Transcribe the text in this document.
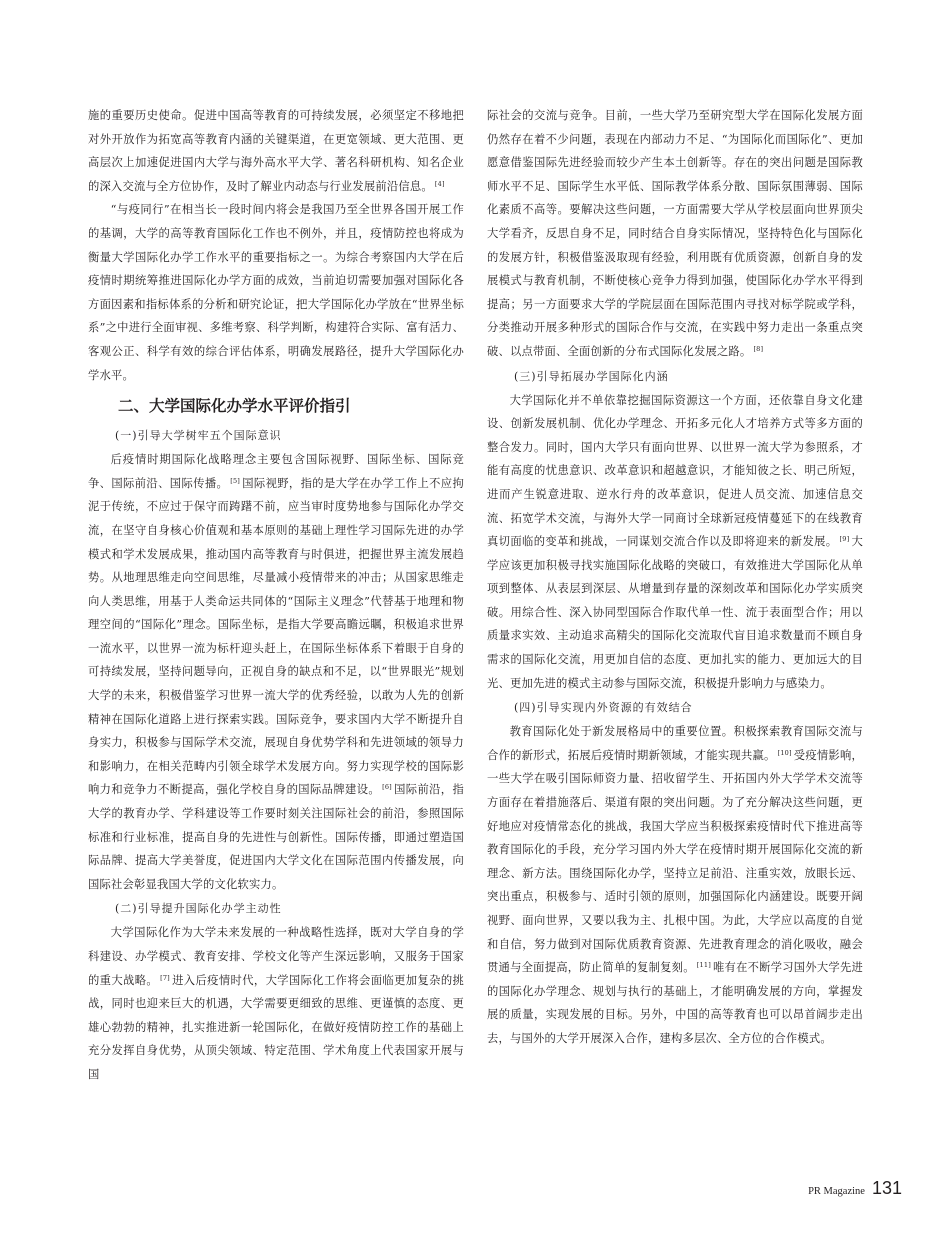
施的重要历史使命。促进中国高等教育的可持续发展，必须坚定不移地把对外开放作为拓宽高等教育内涵的关键渠道，在更宽领域、更大范围、更高层次上加速促进国内大学与海外高水平大学、著名科研机构、知名企业的深入交流与全方位协作，及时了解业内动态与行业发展前沿信息。 [4]

“与疫同行”在相当长一段时间内将会是我国乃至全世界各国开展工作的基调，大学的高等教育国际化工作也不例外，并且，疫情防控也将成为衡量大学国际化办学工作水平的重要指标之一。为综合考察国内大学在后疫情时期统筹推进国际化办学方面的成效，当前迫切需要加强对国际化各方面因素和指标体系的分析和研究论证，把大学国际化办学放在“世界坐标系”之中进行全面审视、多维考察、科学判断，构建符合实际、富有活力、客观公正、科学有效的综合评估体系，明确发展路径，提升大学国际化办学水平。

二、大学国际化办学水平评价指引
(一)引导大学树牢五个国际意识

后疫情时期国际化战略理念主要包含国际视野、国际坐标、国际竞争、国际前沿、国际传播。 [5] 国际视野，指的是大学在办学工作上不应拘泥于传统，不应过于保守而踌躇不前，应当审时度势地参与国际化办学交流，在坚守自身核心价值观和基本原则的基础上理性学习国际先进的办学模式和学术发展成果，推动国内高等教育与时俱进，把握世界主流发展趋势。从地理思维走向空间思维，尽量减小疫情带来的冲击；从国家思维走向人类思维，用基于人类命运共同体的“国际主义理念”代替基于地理和物理空间的“国际化”理念。国际坐标，是指大学要高瞻远瞩，积极追求世界一流水平，以世界一流为标杆迎头赶上，在国际坐标体系下着眼于自身的可持续发展，坚持问题导向，正视自身的缺点和不足，以“世界眼光”规划大学的未来，积极借鉴学习世界一流大学的优秀经验，以敢为人先的创新精神在国际化道路上进行探索实践。国际竞争，要求国内大学不断提升自身实力，积极参与国际学术交流，展现自身优势学科和先进领域的领导力和影响力，在相关范畴内引领全球学术发展方向。努力实现学校的国际影响力和竞争力不断提高，强化学校自身的国际品牌建设。 [6] 国际前沿，指大学的教育办学、学科建设等工作要时刻关注国际社会的前沿，参照国际标准和行业标准，提高自身的先进性与创新性。国际传播，即通过塑造国际品牌、提高大学美誉度，促进国内大学文化在国际范围内传播发展，向国际社会彰显我国大学的文化软实力。

(二)引导提升国际化办学主动性

大学国际化作为大学未来发展的一种战略性选择，既对大学自身的学科建设、办学模式、教育安排、学校文化等产生深远影响，又服务于国家的重大战略。 [7] 进入后疫情时代，大学国际化工作将会面临更加复杂的挑战，同时也迎来巨大的机遇，大学需要更细致的思维、更谨慎的态度、更雄心勃勃的精神，扎实推进新一轮国际化，在做好疫情防控工作的基础上充分发挥自身优势，从顶尖领域、特定范围、学术角度上代表国家开展与国

际社会的交流与竞争。目前，一些大学乃至研究型大学在国际化发展方面仍然存在着不少问题，表现在内部动力不足、“为国际化而国际化”、更加愿意借鉴国际先进经验而较少产生本土创新等。存在的突出问题是国际教师水平不足、国际学生水平低、国际教学体系分散、国际氛围薄弱、国际化素质不高等。要解决这些问题，一方面需要大学从学校层面向世界顶尖大学看齐，反思自身不足，同时结合自身实际情况，坚持特色化与国际化的发展方针，积极借鉴汲取现有经验，利用既有优质资源，创新自身的发展模式与教育机制，不断使核心竞争力得到加强，使国际化办学水平得到提高；另一方面要求大学的学院层面在国际范围内寻找对标学院或学科，分类推动开展多种形式的国际合作与交流，在实践中努力走出一条重点突破、以点带面、全面创新的分布式国际化发展之路。 [8]

(三)引导拓展办学国际化内涵

大学国际化并不单依靠挖掘国际资源这一个方面，还依靠自身文化建设、创新发展机制、优化办学理念、开拓多元化人才培养方式等多方面的整合发力。同时，国内大学只有面向世界、以世界一流大学为参照系，才能有高度的忧患意识、改革意识和超越意识，才能知彼之长、明己所短，进而产生锐意进取、逆水行舟的改革意识，促进人员交流、加速信息交流、拓宽学术交流，与海外大学一同商讨全球新冠疫情蔓延下的在线教育真切面临的变革和挑战，一同谋划交流合作以及即将迎来的新发展。 [9] 大学应该更加积极寻找实施国际化战略的突破口，有效推进大学国际化从单项到整体、从表层到深层、从增量到存量的深刻改革和国际化办学实质突破。用综合性、深入协同型国际合作取代单一性、流于表面型合作；用以质量求实效、主动追求高精尖的国际化交流取代盲目追求数量而不顾自身需求的国际化交流，用更加自信的态度、更加扎实的能力、更加远大的目光、更加先进的模式主动参与国际交流，积极提升影响力与感染力。

(四)引导实现内外资源的有效结合

教育国际化处于新发展格局中的重要位置。积极探索教育国际交流与合作的新形式，拓展后疫情时期新领域，才能实现共赢。 [10] 受疫情影响，一些大学在吸引国际师资力量、招收留学生、开拓国内外大学学术交流等方面存在着措施落后、渠道有限的突出问题。为了充分解决这些问题，更好地应对疫情常态化的挑战，我国大学应当积极探索疫情时代下推进高等教育国际化的手段，充分学习国内外大学在疫情时期开展国际化交流的新理念、新方法。围绕国际化办学，坚持立足前沿、注重实效，放眼长远、突出重点，积极参与、适时引领的原则，加强国际化内涵建设。既要开阔视野、面向世界，又要以我为主、扎根中国。为此，大学应以高度的自觉和自信，努力做到对国际优质教育资源、先进教育理念的消化吸收，融会贯通与全面提高，防止简单的复制复刻。 [11] 唯有在不断学习国外大学先进的国际化办学理念、规划与执行的基础上，才能明确发展的方向，掌握发展的质量，实现发展的目标。另外，中国的高等教育也可以昂首阔步走出去，与国外的大学开展深入合作，建构多层次、全方位的合作模式。

PR Magazine 131
